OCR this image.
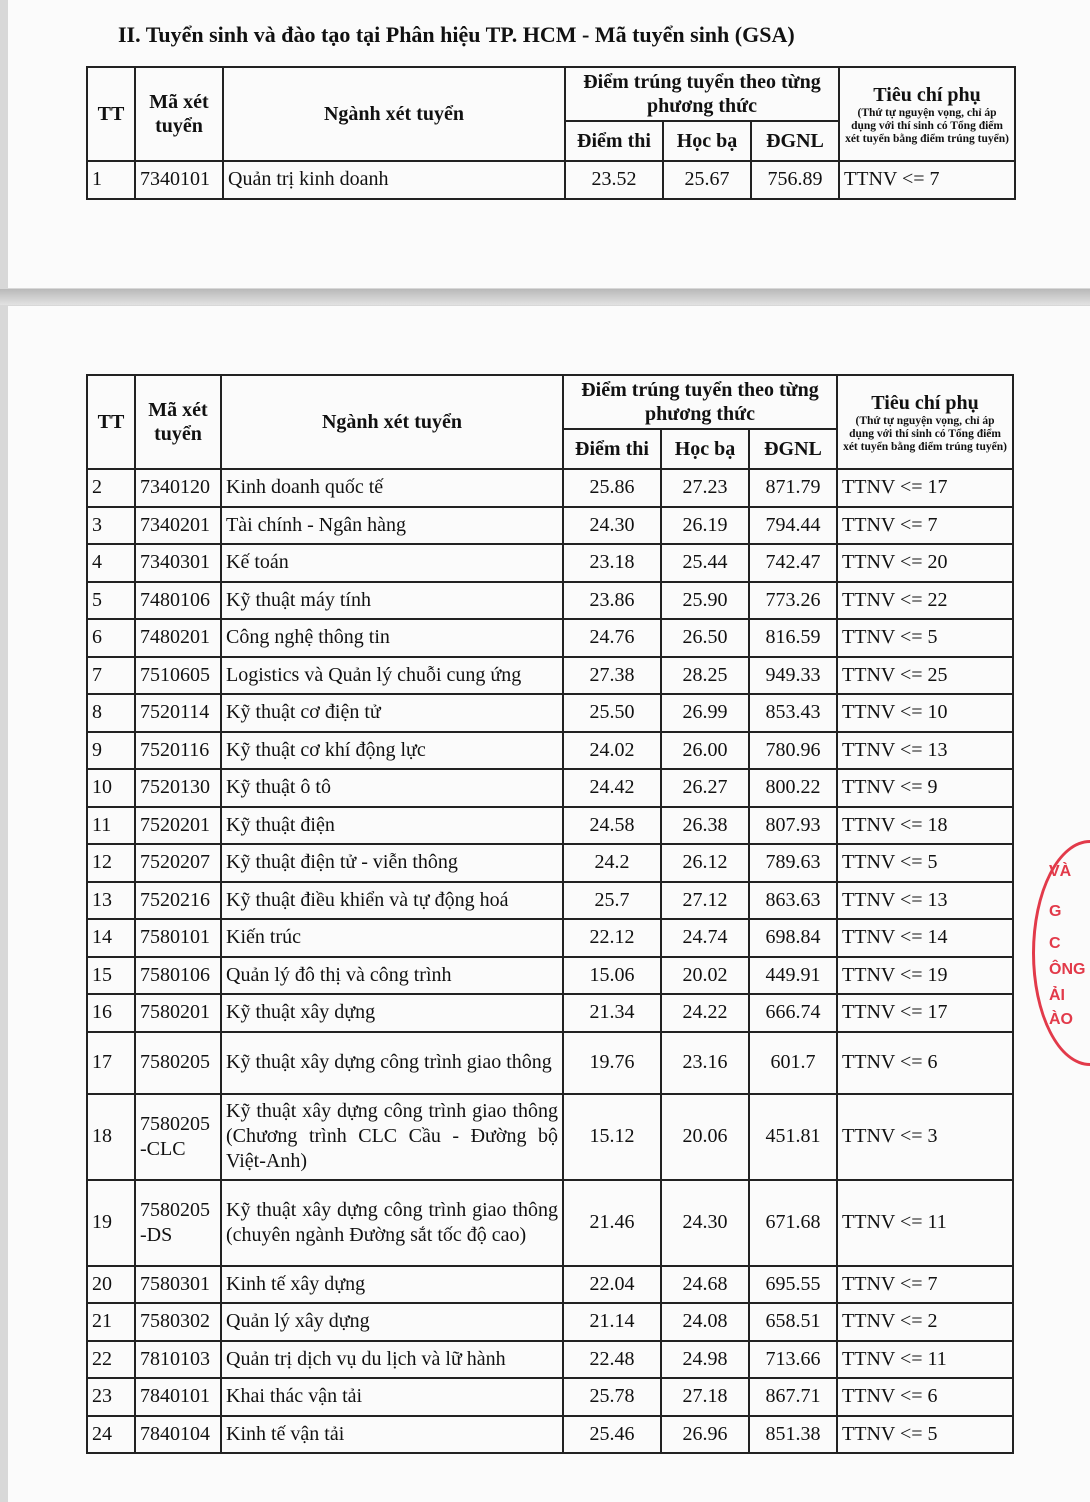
II. Tuyển sinh và đào tạo tại Phân hiệu TP. HCM - Mã tuyển sinh (GSA)
TT	Mã xét tuyển	Ngành xét tuyển	Điểm trúng tuyển theo từng phương thức			Tiêu chí phụ
(Thứ tự nguyện vọng, chỉ áp dụng với thí sinh có Tổng điểm xét tuyển bằng điểm trúng tuyển)
			Điểm thi	Học bạ	ĐGNL	
1	7340101	Quản trị kinh doanh	23.52	25.67	756.89	TTNV <= 7
TT	Mã xét tuyển	Ngành xét tuyển	Điểm trúng tuyển theo từng phương thức			Tiêu chí phụ
(Thứ tự nguyện vọng, chỉ áp dụng với thí sinh có Tổng điểm xét tuyển bằng điểm trúng tuyển)
			Điểm thi	Học bạ	ĐGNL	
2	7340120	Kinh doanh quốc tế	25.86	27.23	871.79	TTNV <= 17
3	7340201	Tài chính - Ngân hàng	24.30	26.19	794.44	TTNV <= 7
4	7340301	Kế toán	23.18	25.44	742.47	TTNV <= 20
5	7480106	Kỹ thuật máy tính	23.86	25.90	773.26	TTNV <= 22
6	7480201	Công nghệ thông tin	24.76	26.50	816.59	TTNV <= 5
7	7510605	Logistics và Quản lý chuỗi cung ứng	27.38	28.25	949.33	TTNV <= 25
8	7520114	Kỹ thuật cơ điện tử	25.50	26.99	853.43	TTNV <= 10
9	7520116	Kỹ thuật cơ khí động lực	24.02	26.00	780.96	TTNV <= 13
10	7520130	Kỹ thuật ô tô	24.42	26.27	800.22	TTNV <= 9
11	7520201	Kỹ thuật điện	24.58	26.38	807.93	TTNV <= 18
12	7520207	Kỹ thuật điện tử - viễn thông	24.2	26.12	789.63	TTNV <= 5
13	7520216	Kỹ thuật điều khiển và tự động hoá	25.7	27.12	863.63	TTNV <= 13
14	7580101	Kiến trúc	22.12	24.74	698.84	TTNV <= 14
15	7580106	Quản lý đô thị và công trình	15.06	20.02	449.91	TTNV <= 19
16	7580201	Kỹ thuật xây dựng	21.34	24.22	666.74	TTNV <= 17
17	7580205	Kỹ thuật xây dựng công trình giao thông	19.76	23.16	601.7	TTNV <= 6
18	7580205 -CLC	Kỹ thuật xây dựng công trình giao thông (Chương trình CLC Cầu - Đường bộ Việt-Anh)	15.12	20.06	451.81	TTNV <= 3
19	7580205 -DS	Kỹ thuật xây dựng công trình giao thông (chuyên ngành Đường sắt tốc độ cao)	21.46	24.30	671.68	TTNV <= 11
20	7580301	Kinh tế xây dựng	22.04	24.68	695.55	TTNV <= 7
21	7580302	Quản lý xây dựng	21.14	24.08	658.51	TTNV <= 2
22	7810103	Quản trị dịch vụ du lịch và lữ hành	22.48	24.98	713.66	TTNV <= 11
23	7840101	Khai thác vận tải	25.78	27.18	867.71	TTNV <= 6
24	7840104	Kinh tế vận tải	25.46	26.96	851.38	TTNV <= 5
VÀ
G
C
ÔNG
ẢI
ÀO
